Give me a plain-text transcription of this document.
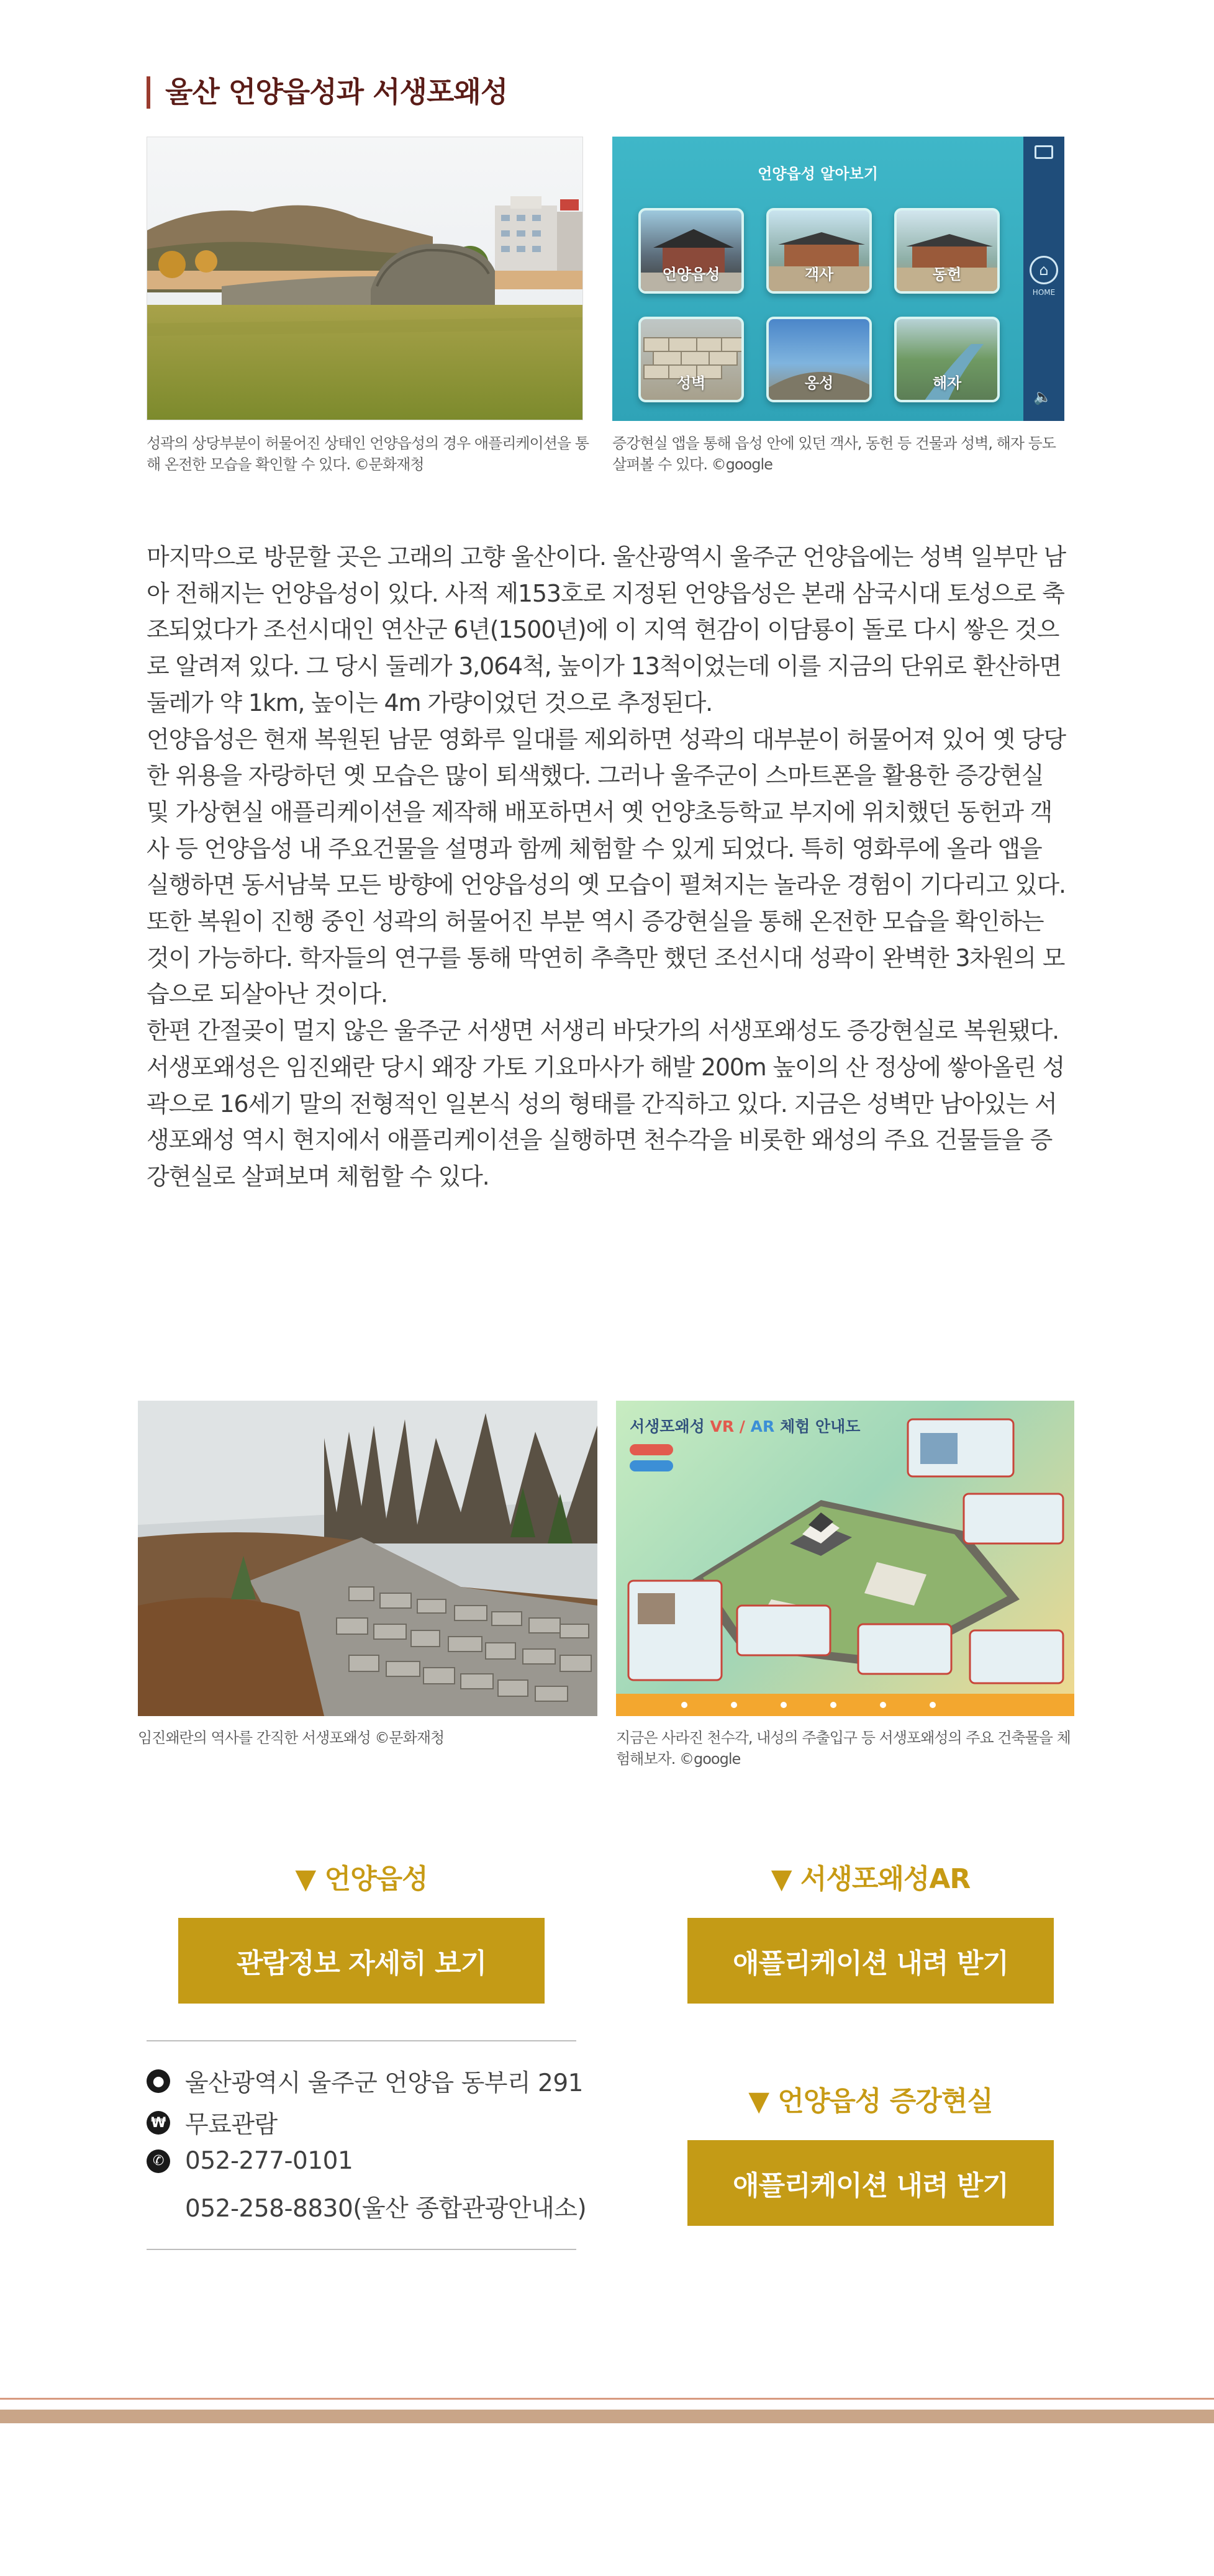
울산 언양읍성과 서생포왜성
성곽의 상당부분이 허물어진 상태인 언양읍성의 경우 애플리케이션을 통해 온전한 모습을 확인할 수 있다. ©문화재청
⌂
HOME
🔈
언양읍성 알아보기
언양읍성	객사	동헌
성벽	옹성	해자
증강현실 앱을 통해 읍성 안에 있던 객사, 동헌 등 건물과 성벽, 해자 등도 살펴볼 수 있다. ©google

마지막으로 방문할 곳은 고래의 고향 울산이다. 울산광역시 울주군 언양읍에는 성벽 일부만 남아 전해지는 언양읍성이 있다. 사적 제153호로 지정된 언양읍성은 본래 삼국시대 토성으로 축조되었다가 조선시대인 연산군 6년(1500년)에 이 지역 현감이 이담룡이 돌로 다시 쌓은 것으로 알려져 있다. 그 당시 둘레가 3,064척, 높이가 13척이었는데 이를 지금의 단위로 환산하면 둘레가 약 1km, 높이는 4m 가량이었던 것으로 추정된다.

언양읍성은 현재 복원된 남문 영화루 일대를 제외하면 성곽의 대부분이 허물어져 있어 옛 당당한 위용을 자랑하던 옛 모습은 많이 퇴색했다. 그러나 울주군이 스마트폰을 활용한 증강현실 및 가상현실 애플리케이션을 제작해 배포하면서 옛 언양초등학교 부지에 위치했던 동헌과 객사 등 언양읍성 내 주요건물을 설명과 함께 체험할 수 있게 되었다. 특히 영화루에 올라 앱을 실행하면 동서남북 모든 방향에 언양읍성의 옛 모습이 펼쳐지는 놀라운 경험이 기다리고 있다. 또한 복원이 진행 중인 성곽의 허물어진 부분 역시 증강현실을 통해 온전한 모습을 확인하는 것이 가능하다. 학자들의 연구를 통해 막연히 추측만 했던 조선시대 성곽이 완벽한 3차원의 모습으로 되살아난 것이다.

한편 간절곶이 멀지 않은 울주군 서생면 서생리 바닷가의 서생포왜성도 증강현실로 복원됐다. 서생포왜성은 임진왜란 당시 왜장 가토 기요마사가 해발 200m 높이의 산 정상에 쌓아올린 성곽으로 16세기 말의 전형적인 일본식 성의 형태를 간직하고 있다. 지금은 성벽만 남아있는 서생포왜성 역시 현지에서 애플리케이션을 실행하면 천수각을 비롯한 왜성의 주요 건물들을 증강현실로 살펴보며 체험할 수 있다.

임진왜란의 역사를 간직한 서생포왜성 ©문화재청
서생포왜성 VR / AR 체험 안내도
지금은 사라진 천수각, 내성의 주출입구 등 서생포왜성의 주요 건축물을 체험해보자. ©google
▼ 언양읍성
관람정보 자세히 보기
▼ 서생포왜성AR
애플리케이션 내려 받기
● 울산광역시 울주군 언양읍 동부리 291
₩ 무료관람
✆ 052-277-0101
052-258-8830(울산 종합관광안내소)
▼ 언양읍성 증강현실
애플리케이션 내려 받기
